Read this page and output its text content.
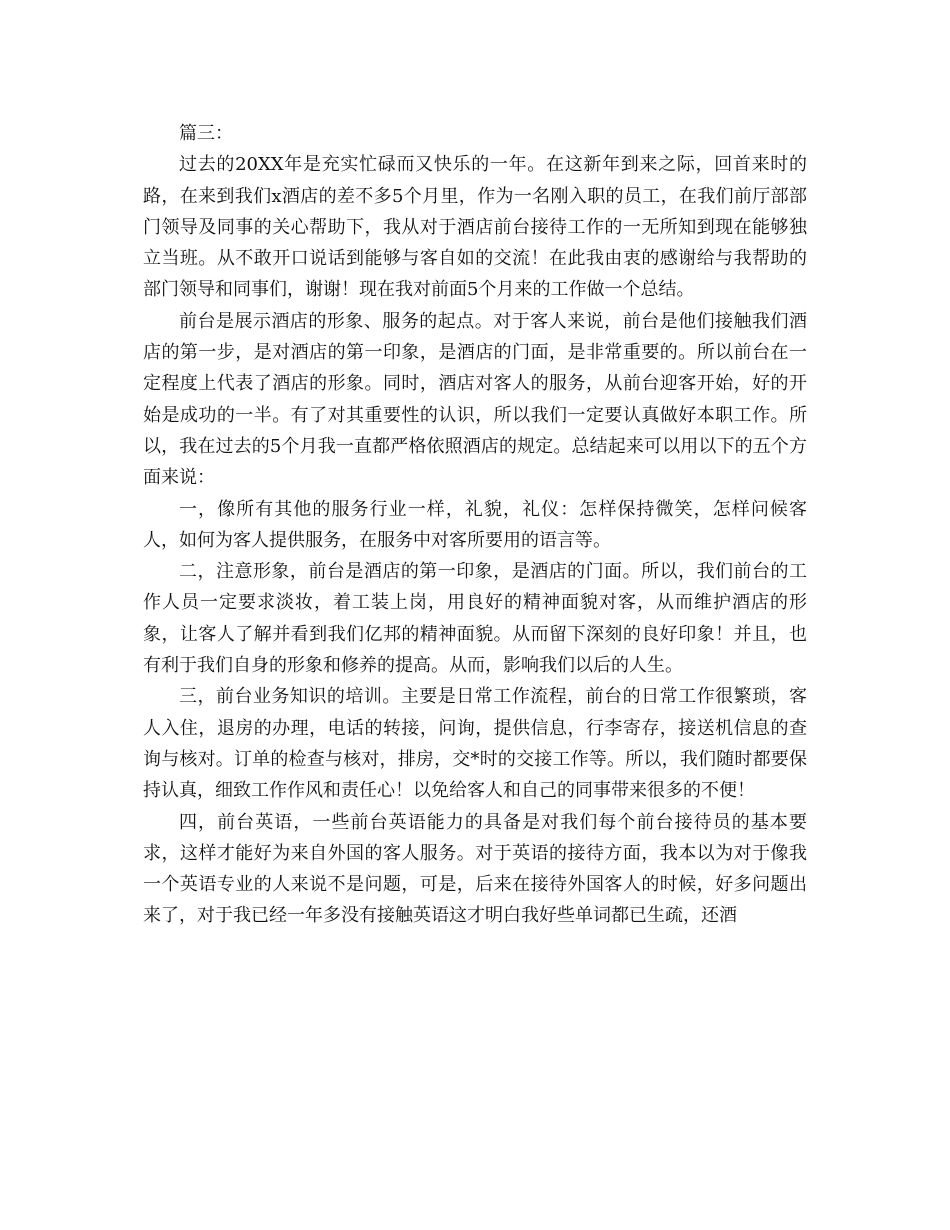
篇三：

过去的20XX年是充实忙碌而又快乐的一年。在这新年到来之际，回首来时的路，在来到我们x酒店的差不多5个月里，作为一名刚入职的员工，在我们前厅部部门领导及同事的关心帮助下，我从对于酒店前台接待工作的一无所知到现在能够独立当班。从不敢开口说话到能够与客自如的交流！在此我由衷的感谢给与我帮助的部门领导和同事们，谢谢！现在我对前面5个月来的工作做一个总结。

前台是展示酒店的形象、服务的起点。对于客人来说，前台是他们接触我们酒店的第一步，是对酒店的第一印象，是酒店的门面，是非常重要的。所以前台在一定程度上代表了酒店的形象。同时，酒店对客人的服务，从前台迎客开始，好的开始是成功的一半。有了对其重要性的认识，所以我们一定要认真做好本职工作。所以，我在过去的5个月我一直都严格依照酒店的规定。总结起来可以用以下的五个方面来说：

一，像所有其他的服务行业一样，礼貌，礼仪：怎样保持微笑，怎样问候客人，如何为客人提供服务，在服务中对客所要用的语言等。

二，注意形象，前台是酒店的第一印象，是酒店的门面。所以，我们前台的工作人员一定要求淡妆，着工装上岗，用良好的精神面貌对客，从而维护酒店的形象，让客人了解并看到我们亿邦的精神面貌。从而留下深刻的良好印象！并且，也有利于我们自身的形象和修养的提高。从而，影响我们以后的人生。

三，前台业务知识的培训。主要是日常工作流程，前台的日常工作很繁琐，客人入住，退房的办理，电话的转接，问询，提供信息，行李寄存，接送机信息的查询与核对。订单的检查与核对，排房，交*时的交接工作等。所以，我们随时都要保持认真，细致工作作风和责任心！以免给客人和自己的同事带来很多的不便！

四，前台英语，一些前台英语能力的具备是对我们每个前台接待员的基本要求，这样才能好为来自外国的客人服务。对于英语的接待方面，我本以为对于像我一个英语专业的人来说不是问题，可是，后来在接待外国客人的时候，好多问题出来了，对于我已经一年多没有接触英语这才明白我好些单词都已生疏，还酒
